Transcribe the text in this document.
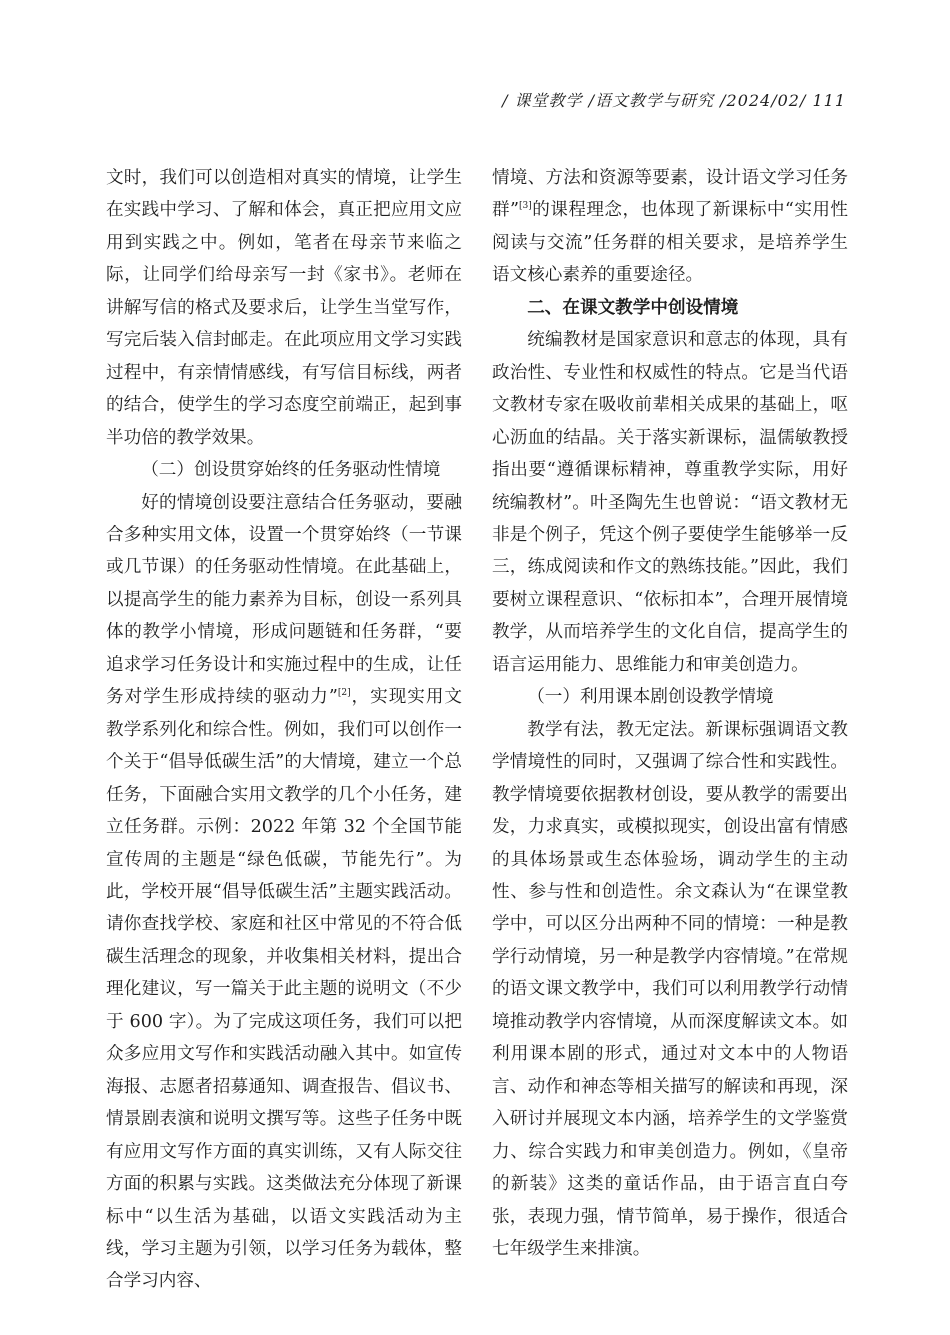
/ 课堂教学 /语文教学与研究 /2024/02/ 111

文时，我们可以创造相对真实的情境，让学生在实践中学习、了解和体会，真正把应用文应用到实践之中。例如，笔者在母亲节来临之际，让同学们给母亲写一封《家书》。老师在讲解写信的格式及要求后，让学生当堂写作，写完后装入信封邮走。在此项应用文学习实践过程中，有亲情情感线，有写信目标线，两者的结合，使学生的学习态度空前端正，起到事半功倍的教学效果。

（二）创设贯穿始终的任务驱动性情境

好的情境创设要注意结合任务驱动，要融合多种实用文体，设置一个贯穿始终（一节课或几节课）的任务驱动性情境。在此基础上，以提高学生的能力素养为目标，创设一系列具体的教学小情境，形成问题链和任务群，“要追求学习任务设计和实施过程中的生成，让任务对学生形成持续的驱动力”[2]，实现实用文教学系列化和综合性。例如，我们可以创作一个关于“倡导低碳生活”的大情境，建立一个总任务，下面融合实用文教学的几个小任务，建立任务群。示例：2022 年第 32 个全国节能宣传周的主题是“绿色低碳，节能先行”。为此，学校开展“倡导低碳生活”主题实践活动。请你查找学校、家庭和社区中常见的不符合低碳生活理念的现象，并收集相关材料，提出合理化建议，写一篇关于此主题的说明文（不少于 600 字）。为了完成这项任务，我们可以把众多应用文写作和实践活动融入其中。如宣传海报、志愿者招募通知、调查报告、倡议书、情景剧表演和说明文撰写等。这些子任务中既有应用文写作方面的真实训练，又有人际交往方面的积累与实践。这类做法充分体现了新课标中“以生活为基础，以语文实践活动为主线，学习主题为引领，以学习任务为载体，整合学习内容、

情境、方法和资源等要素，设计语文学习任务群”[3]的课程理念，也体现了新课标中“实用性阅读与交流”任务群的相关要求，是培养学生语文核心素养的重要途径。

二、在课文教学中创设情境

统编教材是国家意识和意志的体现，具有政治性、专业性和权威性的特点。它是当代语文教材专家在吸收前辈相关成果的基础上，呕心沥血的结晶。关于落实新课标，温儒敏教授指出要“遵循课标精神，尊重教学实际，用好统编教材”。叶圣陶先生也曾说：“语文教材无非是个例子，凭这个例子要使学生能够举一反三，练成阅读和作文的熟练技能。”因此，我们要树立课程意识、“依标扣本”，合理开展情境教学，从而培养学生的文化自信，提高学生的语言运用能力、思维能力和审美创造力。

（一）利用课本剧创设教学情境

教学有法，教无定法。新课标强调语文教学情境性的同时，又强调了综合性和实践性。教学情境要依据教材创设，要从教学的需要出发，力求真实，或模拟现实，创设出富有情感的具体场景或生态体验场，调动学生的主动性、参与性和创造性。余文森认为“在课堂教学中，可以区分出两种不同的情境：一种是教学行动情境，另一种是教学内容情境。”在常规的语文课文教学中，我们可以利用教学行动情境推动教学内容情境，从而深度解读文本。如利用课本剧的形式，通过对文本中的人物语言、动作和神态等相关描写的解读和再现，深入研讨并展现文本内涵，培养学生的文学鉴赏力、综合实践力和审美创造力。例如，《皇帝的新装》这类的童话作品，由于语言直白夸张，表现力强，情节简单，易于操作，很适合七年级学生来排演。
